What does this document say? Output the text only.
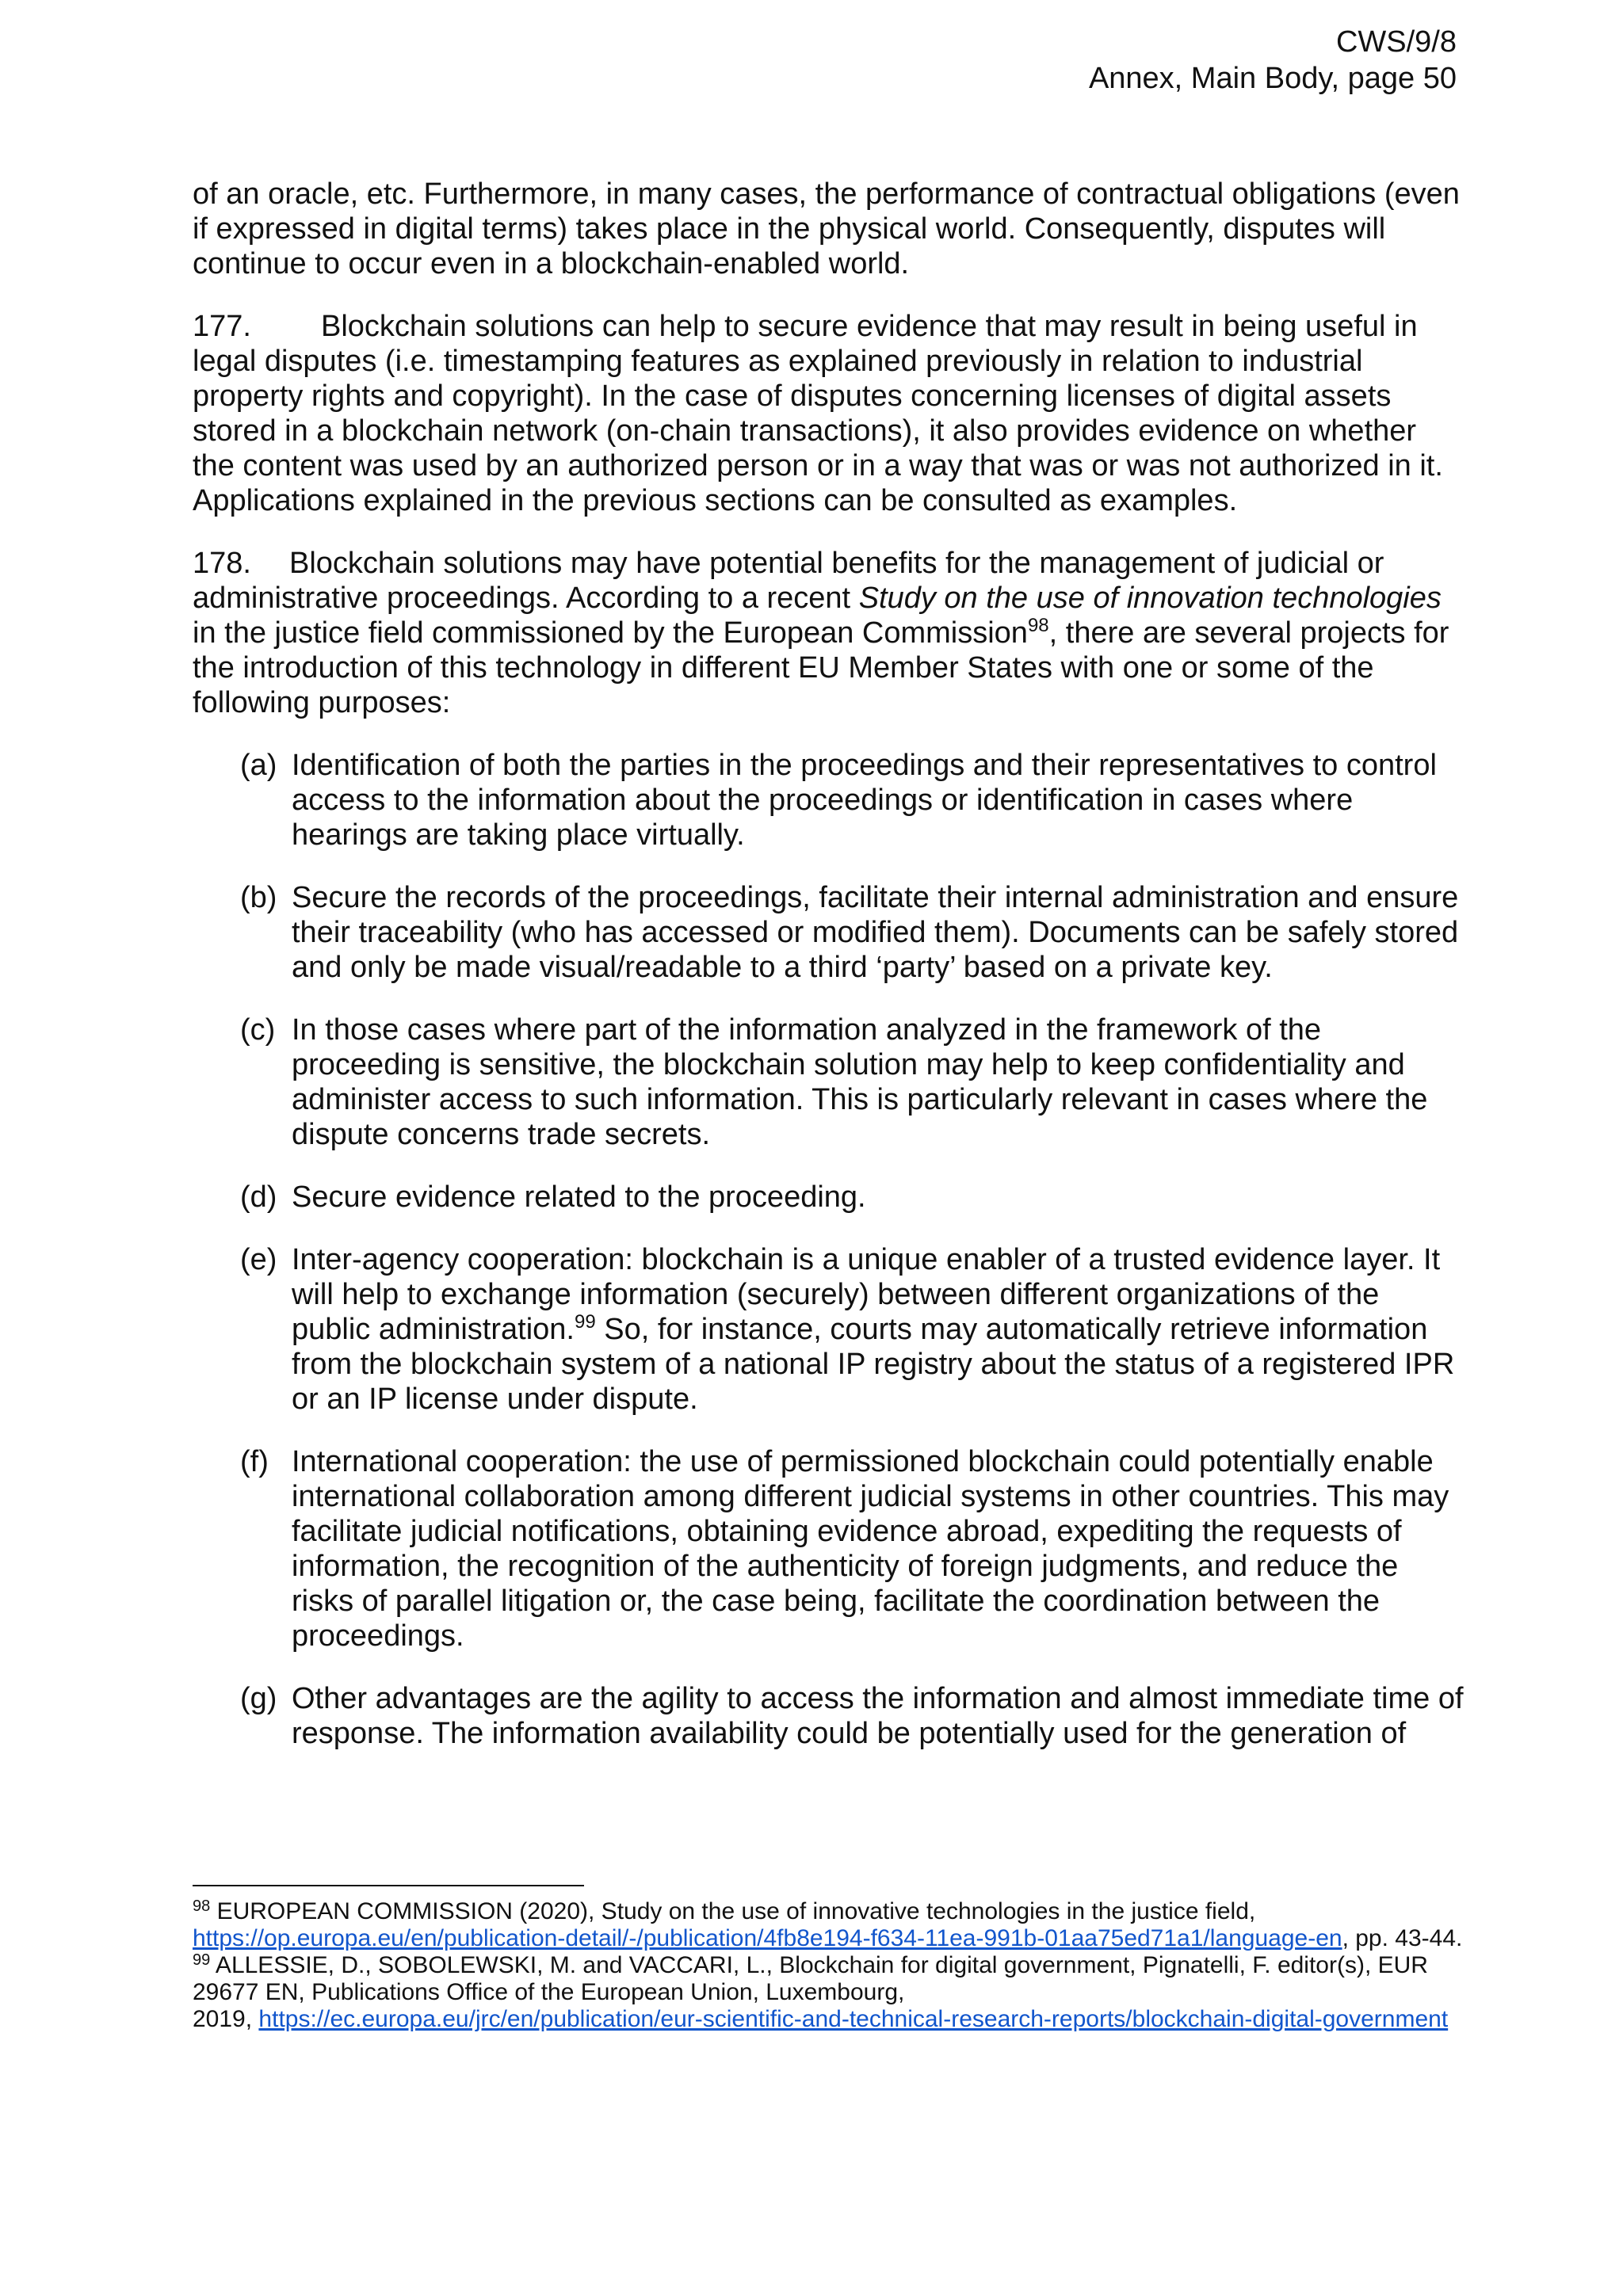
CWS/9/8
Annex, Main Body, page 50

of an oracle, etc. Furthermore, in many cases, the performance of contractual obligations (even if expressed in digital terms) takes place in the physical world. Consequently, disputes will continue to occur even in a blockchain-enabled world.

177. Blockchain solutions can help to secure evidence that may result in being useful in legal disputes (i.e. timestamping features as explained previously in relation to industrial property rights and copyright). In the case of disputes concerning licenses of digital assets stored in a blockchain network (on-chain transactions), it also provides evidence on whether the content was used by an authorized person or in a way that was or was not authorized in it. Applications explained in the previous sections can be consulted as examples.

178. Blockchain solutions may have potential benefits for the management of judicial or administrative proceedings. According to a recent Study on the use of innovation technologies in the justice field commissioned by the European Commission$^{98}$, there are several projects for the introduction of this technology in different EU Member States with one or some of the following purposes:

(a) Identification of both the parties in the proceedings and their representatives to control access to the information about the proceedings or identification in cases where hearings are taking place virtually.
(b) Secure the records of the proceedings, facilitate their internal administration and ensure their traceability (who has accessed or modified them). Documents can be safely stored and only be made visual/readable to a third ‘party’ based on a private key.
(c) In those cases where part of the information analyzed in the framework of the proceeding is sensitive, the blockchain solution may help to keep confidentiality and administer access to such information. This is particularly relevant in cases where the dispute concerns trade secrets.
(d) Secure evidence related to the proceeding.
(e) Inter-agency cooperation: blockchain is a unique enabler of a trusted evidence layer. It will help to exchange information (securely) between different organizations of the public administration.$^{99}$ So, for instance, courts may automatically retrieve information from the blockchain system of a national IP registry about the status of a registered IPR or an IP license under dispute.
(f) International cooperation: the use of permissioned blockchain could potentially enable international collaboration among different judicial systems in other countries. This may facilitate judicial notifications, obtaining evidence abroad, expediting the requests of information, the recognition of the authenticity of foreign judgments, and reduce the risks of parallel litigation or, the case being, facilitate the coordination between the proceedings.
(g) Other advantages are the agility to access the information and almost immediate time of response. The information availability could be potentially used for the generation of

$^{98}$ EUROPEAN COMMISSION (2020), Study on the use of innovative technologies in the justice field, https://op.europa.eu/en/publication-detail/-/publication/4fb8e194-f634-11ea-991b-01aa75ed71a1/language-en, pp. 43-44.

$^{99}$ ALLESSIE, D., SOBOLEWSKI, M. and VACCARI, L., Blockchain for digital government, Pignatelli, F. editor(s), EUR 29677 EN, Publications Office of the European Union, Luxembourg,
2019, https://ec.europa.eu/jrc/en/publication/eur-scientific-and-technical-research-reports/blockchain-digital-government
